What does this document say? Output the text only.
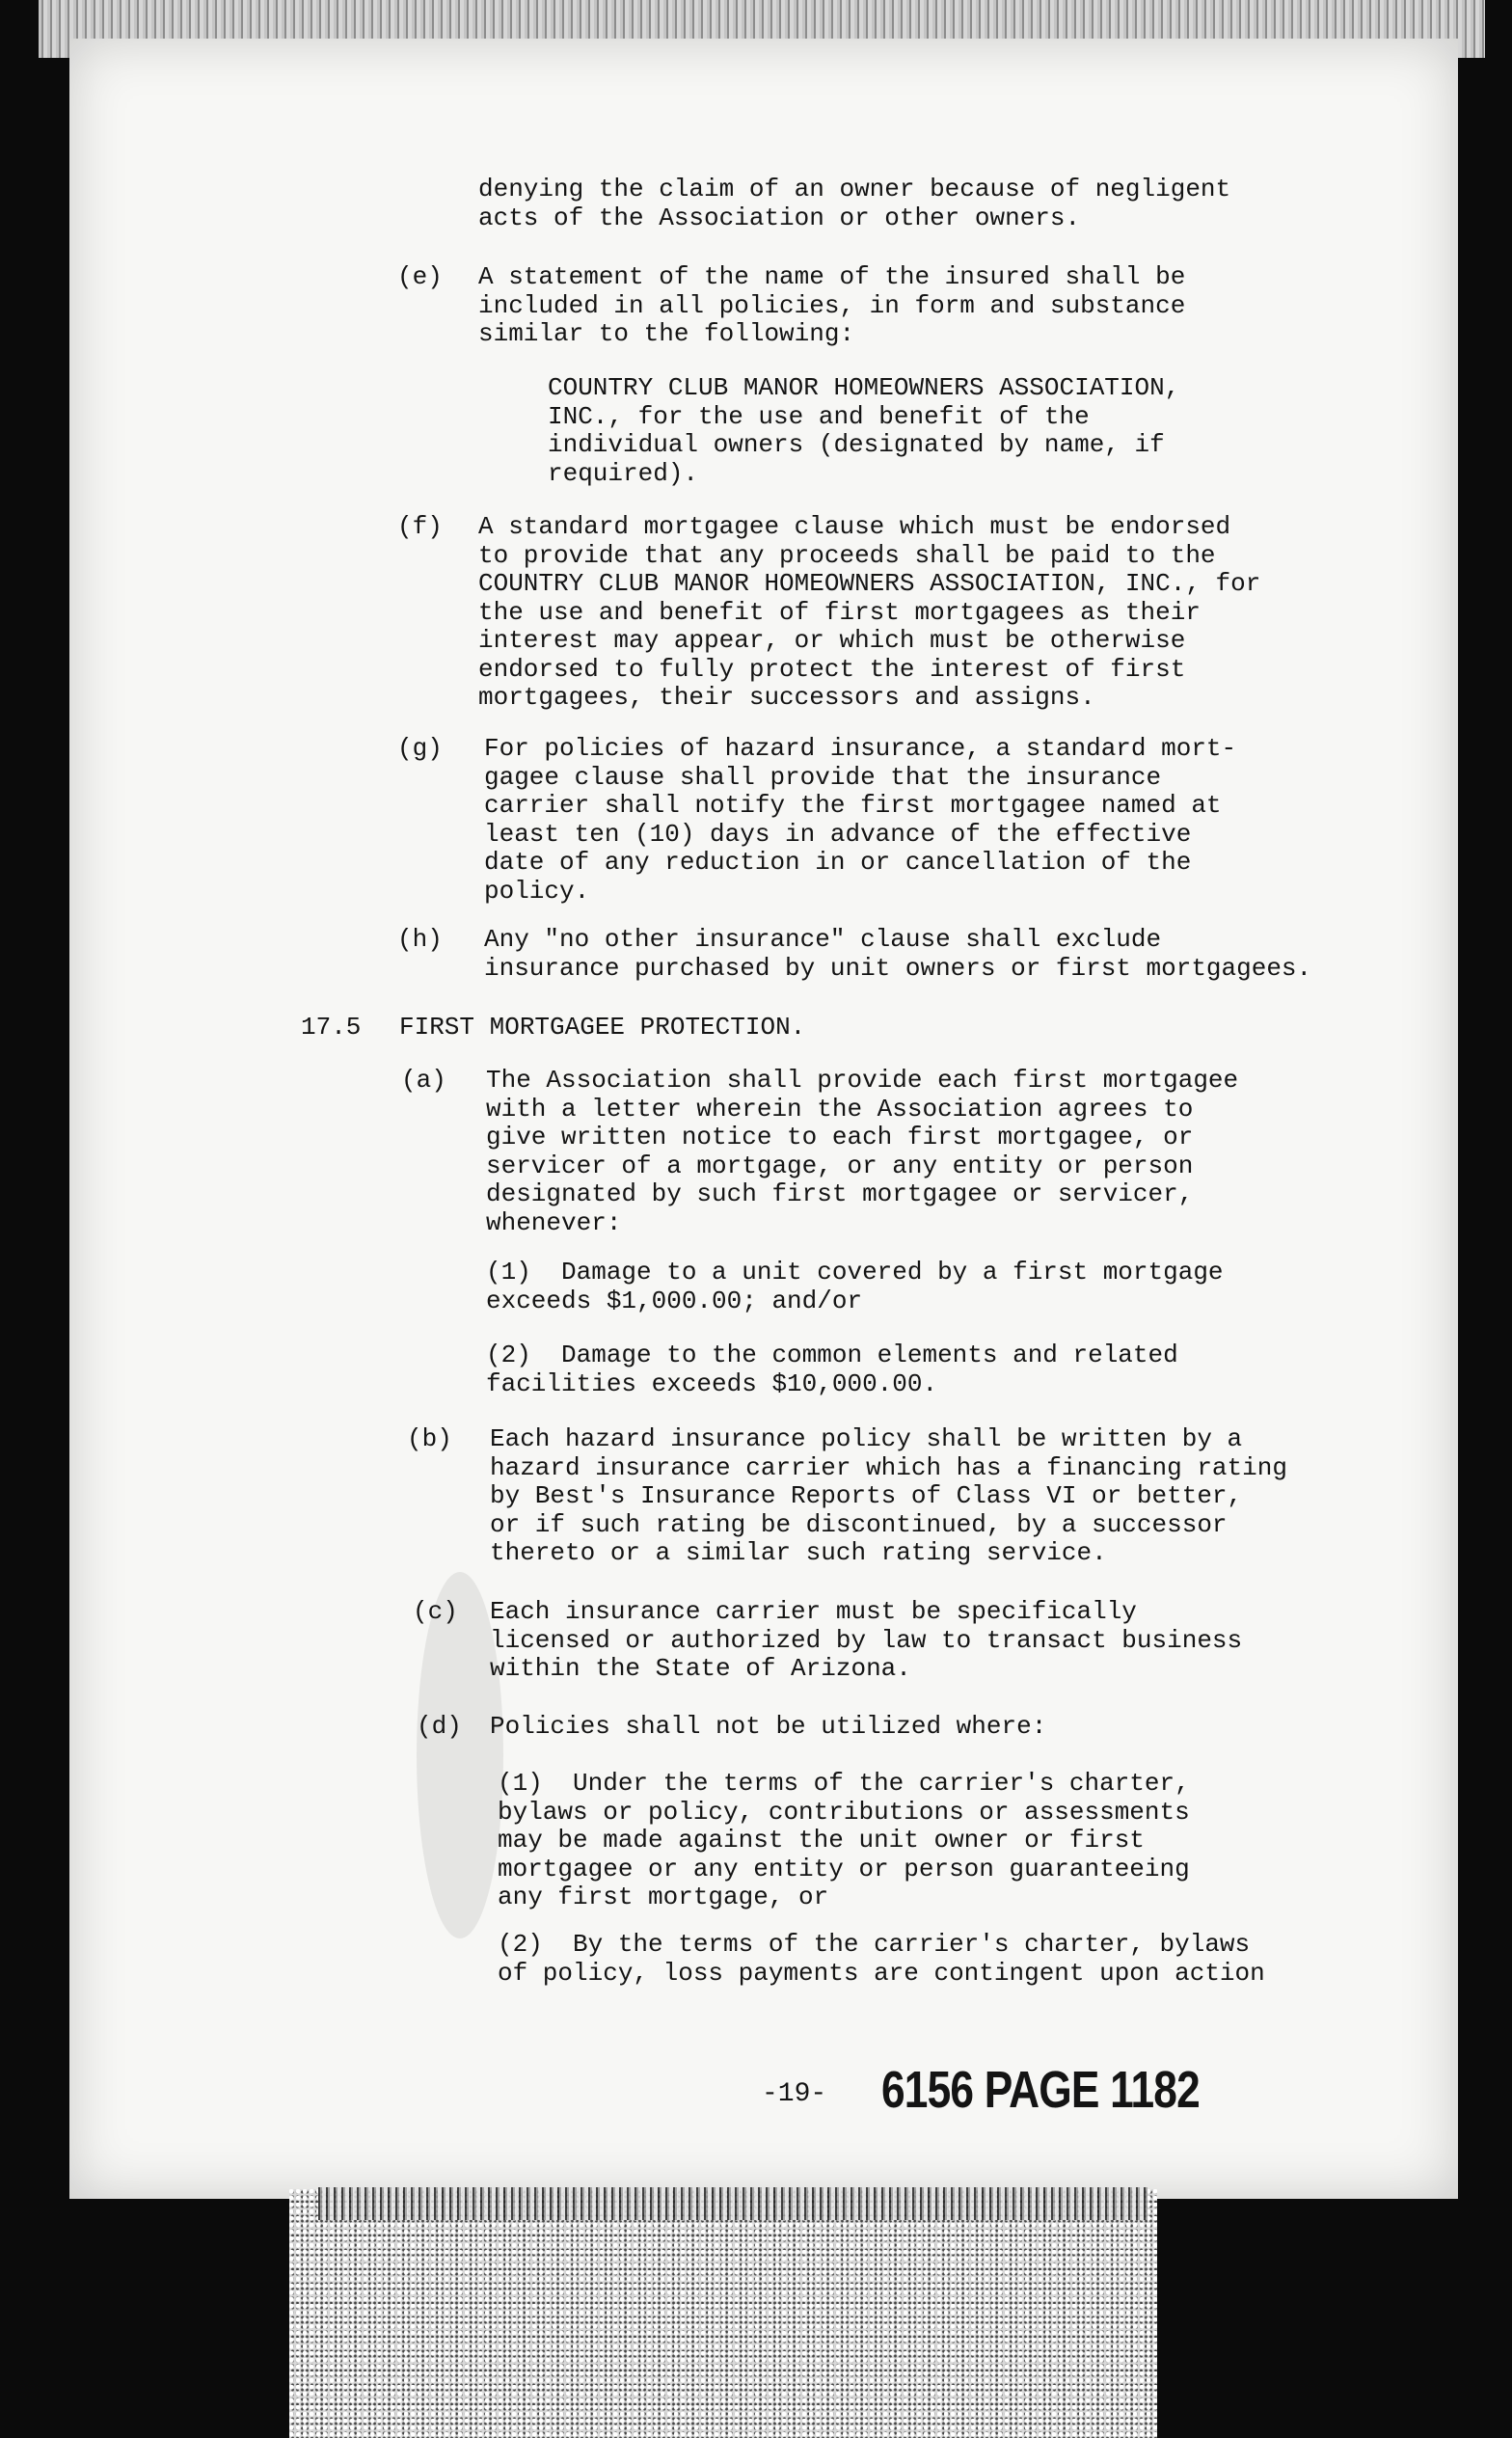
denying the claim of an owner because of negligent
acts of the Association or other owners.
(e) A statement of the name of the insured shall be
included in all policies, in form and substance
similar to the following:
COUNTRY CLUB MANOR HOMEOWNERS ASSOCIATION,
INC., for the use and benefit of the
individual owners (designated by name, if
required).
(f) A standard mortgagee clause which must be endorsed
to provide that any proceeds shall be paid to the
COUNTRY CLUB MANOR HOMEOWNERS ASSOCIATION, INC., for
the use and benefit of first mortgagees as their
interest may appear, or which must be otherwise
endorsed to fully protect the interest of first
mortgagees, their successors and assigns.
(g) For policies of hazard insurance, a standard mort-
gagee clause shall provide that the insurance
carrier shall notify the first mortgagee named at
least ten (10) days in advance of the effective
date of any reduction in or cancellation of the
policy.
(h) Any "no other insurance" clause shall exclude
insurance purchased by unit owners or first mortgagees.
17.5 FIRST MORTGAGEE PROTECTION.
(a) The Association shall provide each first mortgagee
with a letter wherein the Association agrees to
give written notice to each first mortgagee, or
servicer of a mortgage, or any entity or person
designated by such first mortgagee or servicer,
whenever:
(1)  Damage to a unit covered by a first mortgage
exceeds $1,000.00; and/or
(2)  Damage to the common elements and related
facilities exceeds $10,000.00.
(b) Each hazard insurance policy shall be written by a
hazard insurance carrier which has a financing rating
by Best's Insurance Reports of Class VI or better,
or if such rating be discontinued, by a successor
thereto or a similar such rating service.
(c) Each insurance carrier must be specifically
licensed or authorized by law to transact business
within the State of Arizona.
(d) Policies shall not be utilized where:
(1)  Under the terms of the carrier's charter,
bylaws or policy, contributions or assessments
may be made against the unit owner or first
mortgagee or any entity or person guaranteeing
any first mortgage, or
(2)  By the terms of the carrier's charter, bylaws
of policy, loss payments are contingent upon action
-19- 6156 PAGE 1182
